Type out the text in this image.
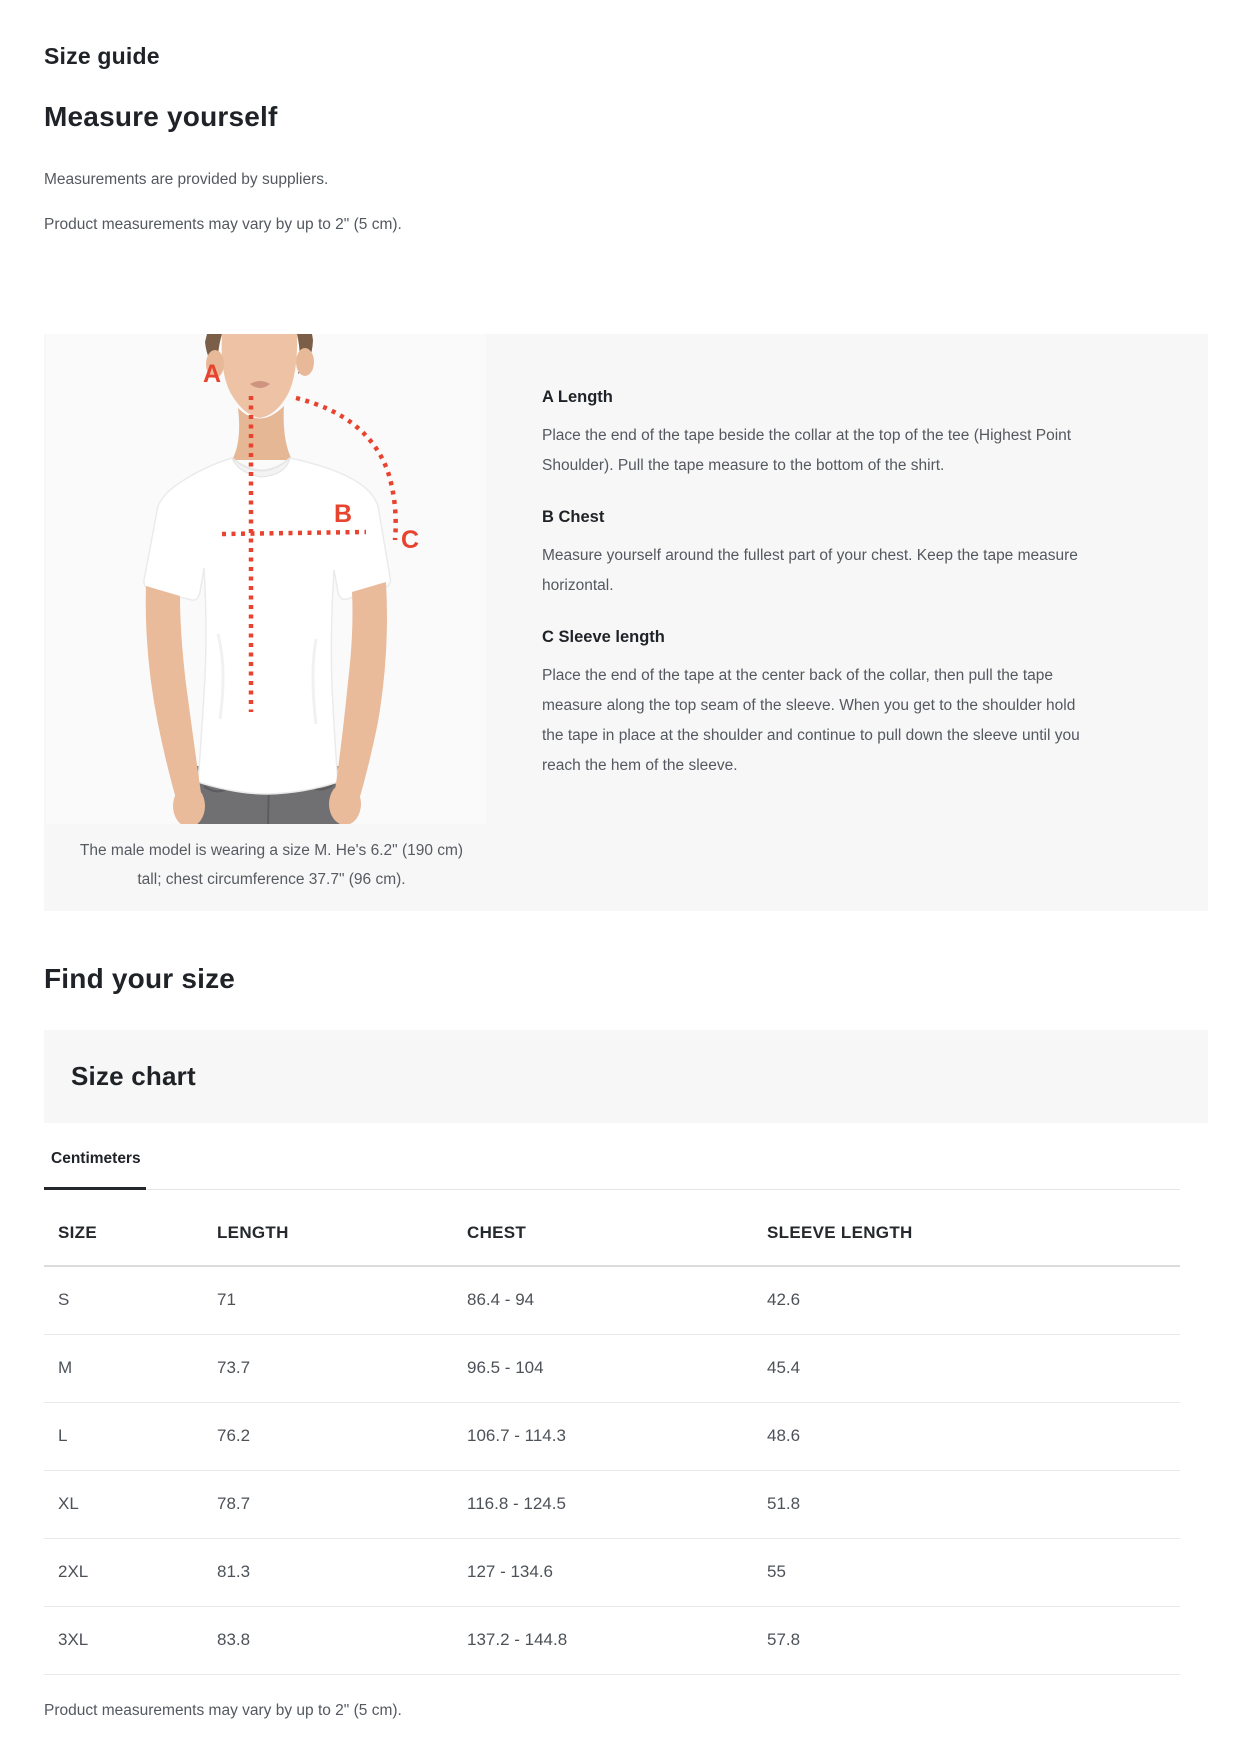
Size guide
Measure yourself

Measurements are provided by suppliers.

Product measurements may vary by up to 2" (5 cm).

A
B
C

The male model is wearing a size M. He's 6.2" (190 cm) tall; chest circumference 37.7" (96 cm).

A Length

Place the end of the tape beside the collar at the top of the tee (Highest Point Shoulder). Pull the tape measure to the bottom of the shirt.

B Chest

Measure yourself around the fullest part of your chest. Keep the tape measure horizontal.

C Sleeve length

Place the end of the tape at the center back of the collar, then pull the tape measure along the top seam of the sleeve. When you get to the shoulder hold the tape in place at the shoulder and continue to pull down the sleeve until you reach the hem of the sleeve.

Find your size
Size chart
Centimeters
SIZE	LENGTH	CHEST	SLEEVE LENGTH
S	71	86.4 - 94	42.6
M	73.7	96.5 - 104	45.4
L	76.2	106.7 - 114.3	48.6
XL	78.7	116.8 - 124.5	51.8
2XL	81.3	127 - 134.6	55
3XL	83.8	137.2 - 144.8	57.8

Product measurements may vary by up to 2" (5 cm).
